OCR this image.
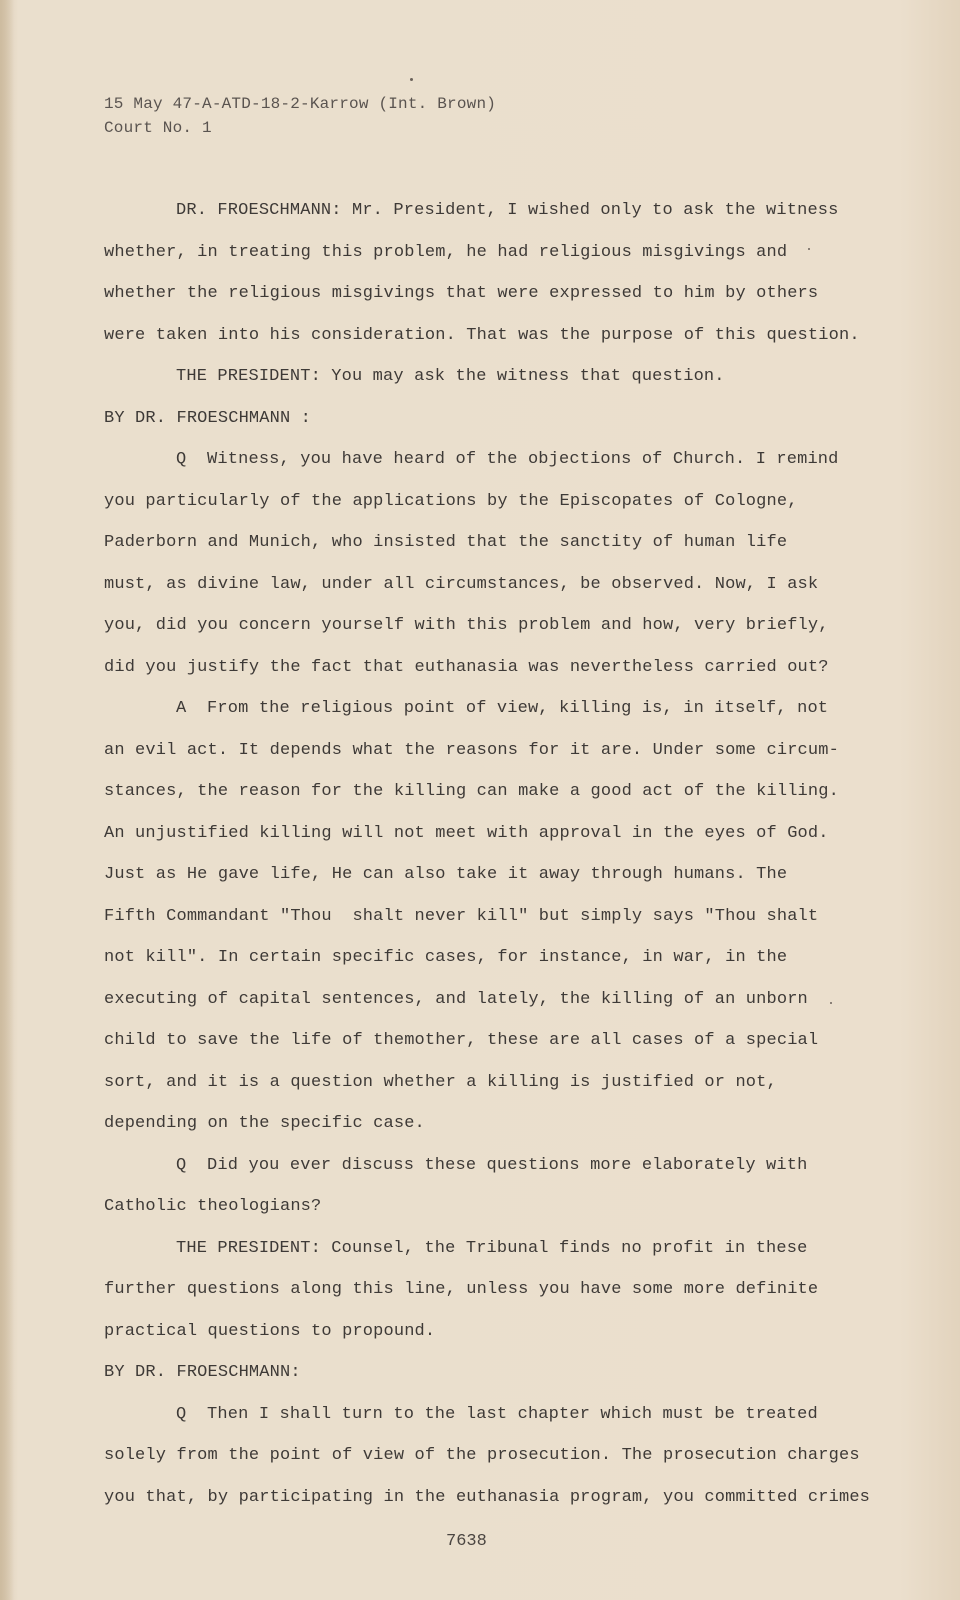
15 May 47-A-ATD-18-2-Karrow (Int. Brown)
Court No. 1
DR. FROESCHMANN: Mr. President, I wished only to ask the witness
whether, in treating this problem, he had religious misgivings and
whether the religious misgivings that were expressed to him by others
were taken into his consideration. That was the purpose of this question.
THE PRESIDENT: You may ask the witness that question.
BY DR. FROESCHMANN :
Q  Witness, you have heard of the objections of Church. I remind
you particularly of the applications by the Episcopates of Cologne,
Paderborn and Munich, who insisted that the sanctity of human life
must, as divine law, under all circumstances, be observed. Now, I ask
you, did you concern yourself with this problem and how, very briefly,
did you justify the fact that euthanasia was nevertheless carried out?
A  From the religious point of view, killing is, in itself, not
an evil act. It depends what the reasons for it are. Under some circum-
stances, the reason for the killing can make a good act of the killing.
An unjustified killing will not meet with approval in the eyes of God.
Just as He gave life, He can also take it away through humans. The
Fifth Commandant "Thou  shalt never kill" but simply says "Thou shalt
not kill". In certain specific cases, for instance, in war, in the
executing of capital sentences, and lately, the killing of an unborn
child to save the life of themother, these are all cases of a special
sort, and it is a question whether a killing is justified or not,
depending on the specific case.
Q  Did you ever discuss these questions more elaborately with
Catholic theologians?
THE PRESIDENT: Counsel, the Tribunal finds no profit in these
further questions along this line, unless you have some more definite
practical questions to propound.
BY DR. FROESCHMANN:
Q  Then I shall turn to the last chapter which must be treated
solely from the point of view of the prosecution. The prosecution charges
you that, by participating in the euthanasia program, you committed crimes
7638
